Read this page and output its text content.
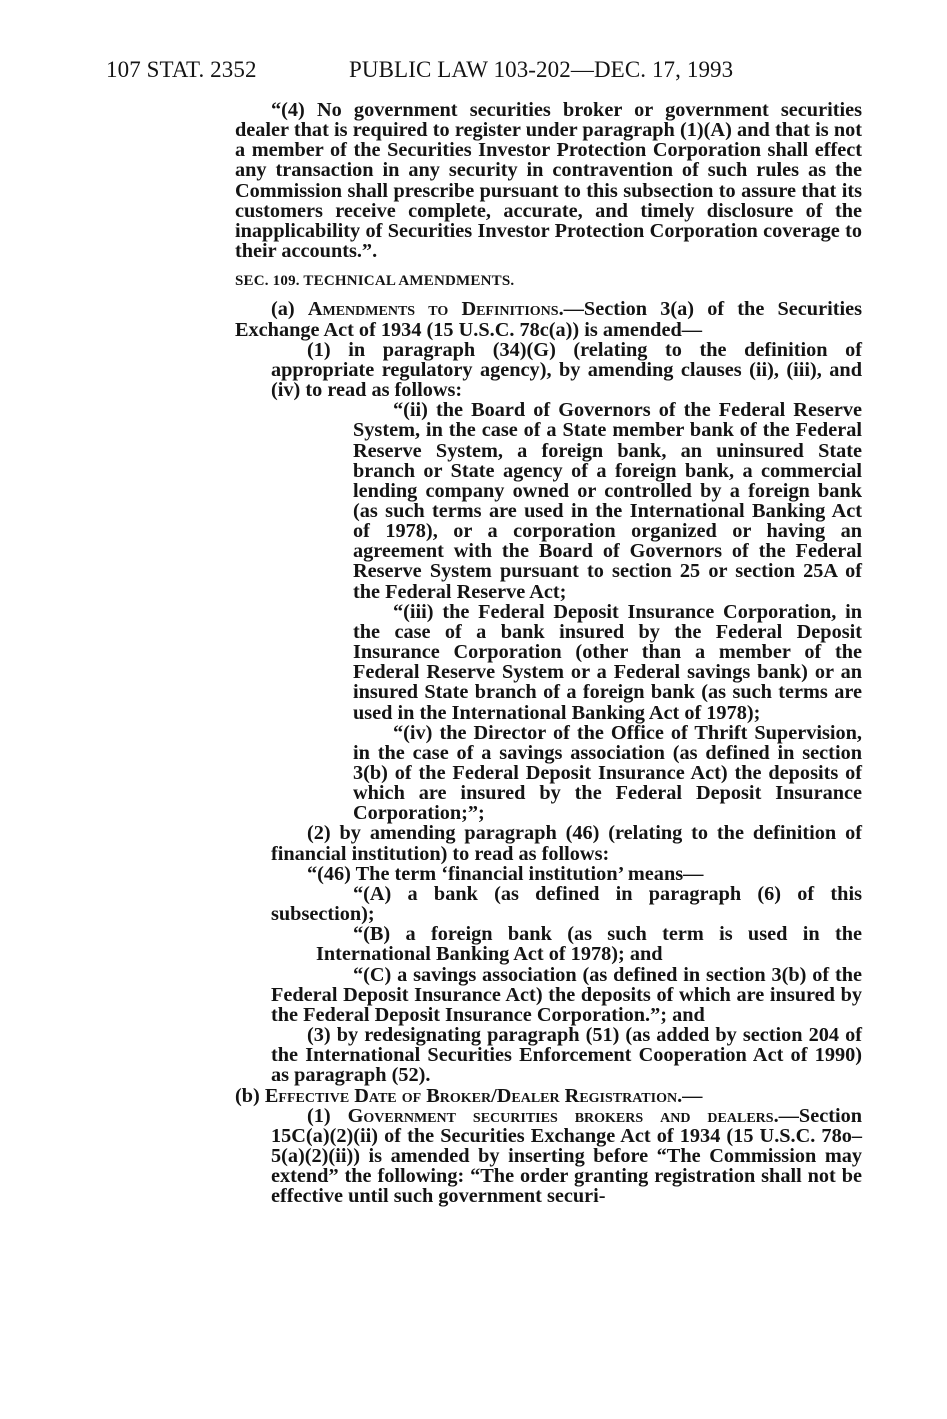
107 STAT. 2352	PUBLIC LAW 103-202—DEC. 17, 1993

“(4) No government securities broker or government securities dealer that is required to register under paragraph (1)(A) and that is not a member of the Securities Investor Protection Corporation shall effect any transaction in any security in contravention of such rules as the Commission shall prescribe pursuant to this subsection to assure that its customers receive complete, accurate, and timely disclosure of the inapplicability of Securities Investor Protection Corporation coverage to their accounts.”.

SEC. 109. TECHNICAL AMENDMENTS.

(a) Amendments to Definitions.—Section 3(a) of the Securities Exchange Act of 1934 (15 U.S.C. 78c(a)) is amended—

(1) in paragraph (34)(G) (relating to the definition of appropriate regulatory agency), by amending clauses (ii), (iii), and (iv) to read as follows:

“(ii) the Board of Governors of the Federal Reserve System, in the case of a State member bank of the Federal Reserve System, a foreign bank, an uninsured State branch or State agency of a foreign bank, a commercial lending company owned or controlled by a foreign bank (as such terms are used in the International Banking Act of 1978), or a corporation organized or having an agreement with the Board of Governors of the Federal Reserve System pursuant to section 25 or section 25A of the Federal Reserve Act;

“(iii) the Federal Deposit Insurance Corporation, in the case of a bank insured by the Federal Deposit Insurance Corporation (other than a member of the Federal Reserve System or a Federal savings bank) or an insured State branch of a foreign bank (as such terms are used in the International Banking Act of 1978);

“(iv) the Director of the Office of Thrift Supervision, in the case of a savings association (as defined in section 3(b) of the Federal Deposit Insurance Act) the deposits of which are insured by the Federal Deposit Insurance Corporation;”;

(2) by amending paragraph (46) (relating to the definition of financial institution) to read as follows:

“(46) The term ‘financial institution’ means—

“(A) a bank (as defined in paragraph (6) of this subsection);

“(B) a foreign bank (as such term is used in the International Banking Act of 1978); and

“(C) a savings association (as defined in section 3(b) of the Federal Deposit Insurance Act) the deposits of which are insured by the Federal Deposit Insurance Corporation.”; and

(3) by redesignating paragraph (51) (as added by section 204 of the International Securities Enforcement Cooperation Act of 1990) as paragraph (52).

(b) Effective Date of Broker/Dealer Registration.—

(1) Government securities brokers and dealers.—Section 15C(a)(2)(ii) of the Securities Exchange Act of 1934 (15 U.S.C. 78o–5(a)(2)(ii)) is amended by inserting before “The Commission may extend” the following: “The order granting registration shall not be effective until such government securi-
